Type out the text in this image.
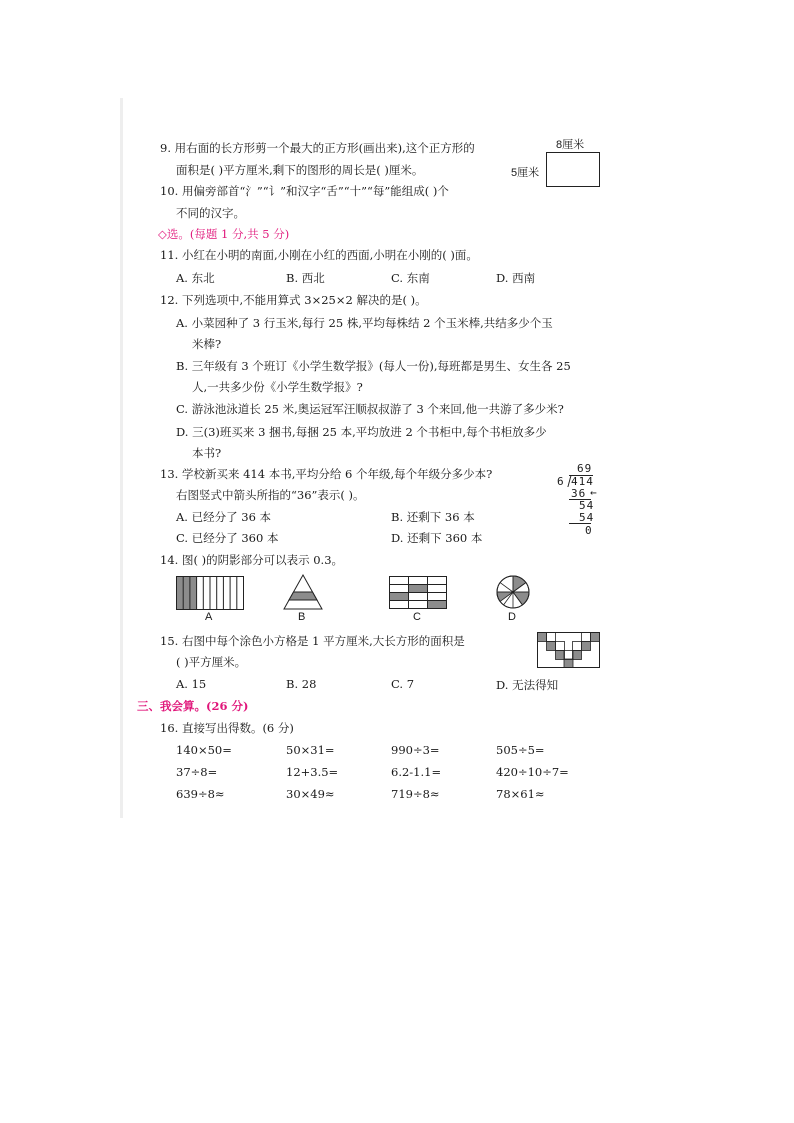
9. 用右面的长方形剪一个最大的正方形(画出来),这个正方形的
面积是( )平方厘米,剩下的图形的周长是( )厘米。
8厘米
5厘米
10. 用偏旁部首“氵”“讠”和汉字“舌”“十”“每”能组成( )个
不同的汉字。
◇选。(每题 1 分,共 5 分)
11. 小红在小明的南面,小刚在小红的西面,小明在小刚的( )面。
A. 东北	B. 西北	C. 东南	D. 西南
12. 下列选项中,不能用算式 3×25×2 解决的是( )。
A. 小菜园种了 3 行玉米,每行 25 株,平均每株结 2 个玉米棒,共结多少个玉
米棒?
B. 三年级有 3 个班订《小学生数学报》(每人一份),每班都是男生、女生各 25
人,一共多少份《小学生数学报》?
C. 游泳池泳道长 25 米,奥运冠军汪顺叔叔游了 3 个来回,他一共游了多少米?
D. 三(3)班买来 3 捆书,每捆 25 本,平均放进 2 个书柜中,每个书柜放多少
本书?
13. 学校新买来 414 本书,平均分给 6 个年级,每个年级分多少本?
右图竖式中箭头所指的“36”表示( )。
A. 已经分了 36 本	B. 还剩下 36 本
C. 已经分了 360 本	D. 还剩下 360 本
69
6 414
36 ←
54
54
0
14. 图( )的阴影部分可以表示 0.3。
A	B	C	D
15. 右图中每个涂色小方格是 1 平方厘米,大长方形的面积是
( )平方厘米。
A. 15	B. 28	C. 7	D. 无法得知
三、我会算。(26 分)
16. 直接写出得数。(6 分)
140×50=	50×31=	990÷3=	505÷5=
37÷8=	12+3.5=	6.2-1.1=	420÷10÷7=
639÷8≈	30×49≈	719÷8≈	78×61≈
